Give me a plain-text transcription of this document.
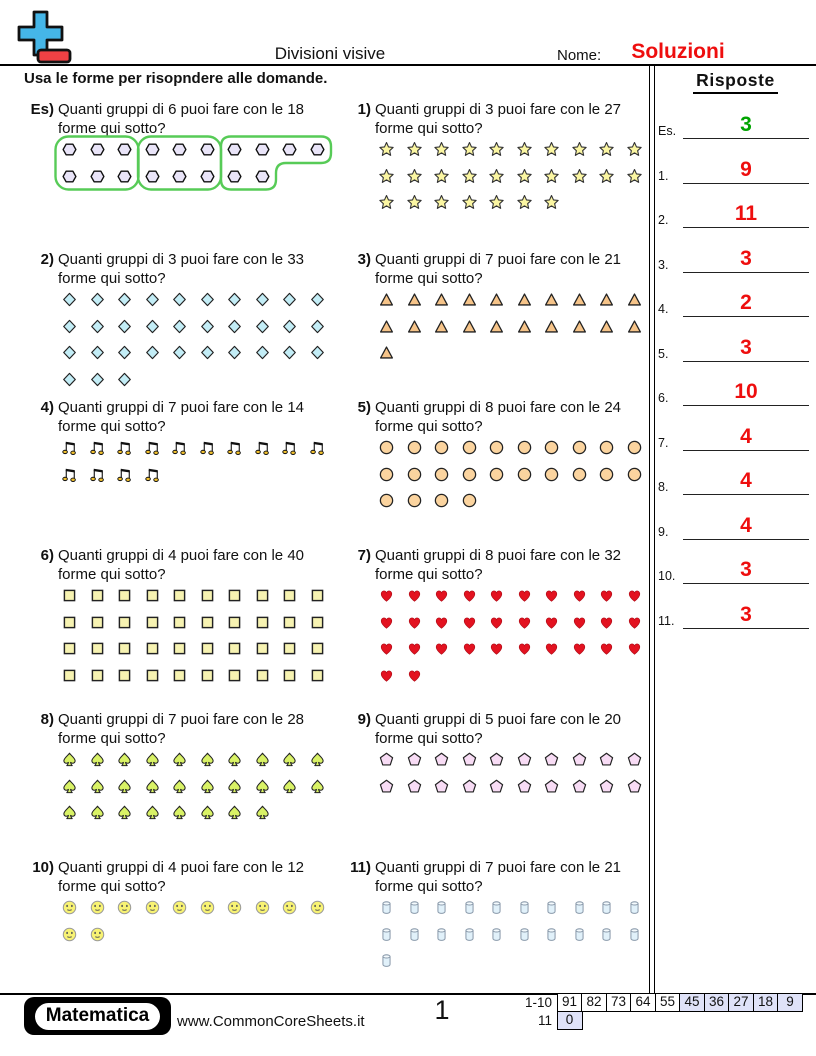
Divisioni visive	Nome:	Soluzioni
Usa le forme per risopndere alle domande.	Risposte
Es.	3
1.	9
2.	11
3.	3
4.	2
5.	3
6.	10
7.	4
8.	4
9.	4
10.	3
11.	3
Es) Quanti gruppi di 6 puoi fare con le 18 forme qui sotto?
1) Quanti gruppi di 3 puoi fare con le 27 forme qui sotto?
2) Quanti gruppi di 3 puoi fare con le 33 forme qui sotto?
3) Quanti gruppi di 7 puoi fare con le 21 forme qui sotto?
4) Quanti gruppi di 7 puoi fare con le 14 forme qui sotto?
5) Quanti gruppi di 8 puoi fare con le 24 forme qui sotto?
6) Quanti gruppi di 4 puoi fare con le 40 forme qui sotto?
7) Quanti gruppi di 8 puoi fare con le 32 forme qui sotto?
8) Quanti gruppi di 7 puoi fare con le 28 forme qui sotto?
9) Quanti gruppi di 5 puoi fare con le 20 forme qui sotto?
10) Quanti gruppi di 4 puoi fare con le 12 forme qui sotto?
11) Quanti gruppi di 7 puoi fare con le 21 forme qui sotto?
Matematica	www.CommonCoreSheets.it	1	1-10 91 82 73 64 55 45 36 27 18 9
11	0
